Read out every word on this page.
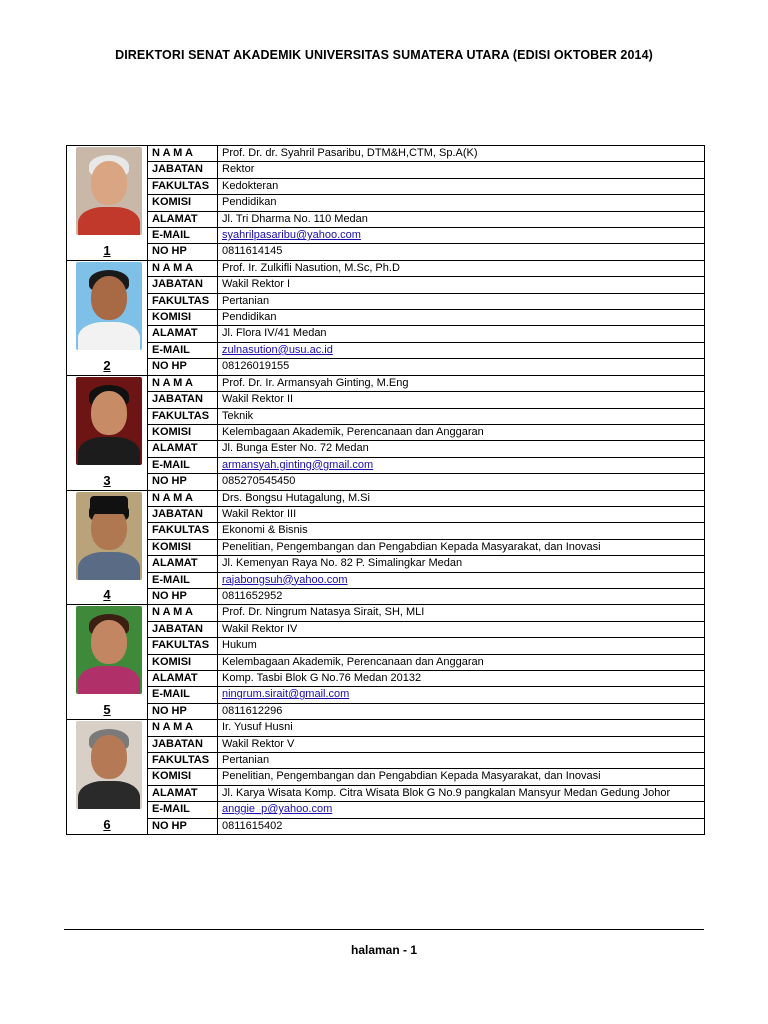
DIREKTORI SENAT AKADEMIK UNIVERSITAS SUMATERA UTARA (EDISI OKTOBER 2014)
1	N A M A	Prof. Dr. dr. Syahril Pasaribu, DTM&H,CTM, Sp.A(K)
	JABATAN	Rektor
	FAKULTAS	Kedokteran
	KOMISI	Pendidikan
	ALAMAT	Jl. Tri Dharma No. 110 Medan
	E-MAIL	syahrilpasaribu@yahoo.com
	NO HP	0811614145

2	N A M A	Prof. Ir. Zulkifli Nasution, M.Sc, Ph.D
	JABATAN	Wakil Rektor I
	FAKULTAS	Pertanian
	KOMISI	Pendidikan
	ALAMAT	Jl. Flora IV/41 Medan
	E-MAIL	zulnasution@usu.ac.id
	NO HP	08126019155

3	N A M A	Prof. Dr. Ir. Armansyah Ginting, M.Eng
	JABATAN	Wakil Rektor II
	FAKULTAS	Teknik
	KOMISI	Kelembagaan Akademik, Perencanaan dan Anggaran
	ALAMAT	Jl. Bunga Ester No. 72 Medan
	E-MAIL	armansyah.ginting@gmail.com
	NO HP	085270545450

4	N A M A	Drs. Bongsu Hutagalung, M.Si
	JABATAN	Wakil Rektor III
	FAKULTAS	Ekonomi & Bisnis
	KOMISI	Penelitian, Pengembangan dan Pengabdian Kepada Masyarakat, dan Inovasi
	ALAMAT	Jl. Kemenyan Raya No. 82 P. Simalingkar Medan
	E-MAIL	rajabongsuh@yahoo.com
	NO HP	0811652952

5	N A M A	Prof. Dr. Ningrum Natasya Sirait, SH, MLI
	JABATAN	Wakil Rektor IV
	FAKULTAS	Hukum
	KOMISI	Kelembagaan Akademik, Perencanaan dan Anggaran
	ALAMAT	Komp. Tasbi Blok G No.76 Medan 20132
	E-MAIL	ningrum.sirait@gmail.com
	NO HP	0811612296

6	N A M A	Ir. Yusuf Husni
	JABATAN	Wakil Rektor V
	FAKULTAS	Pertanian
	KOMISI	Penelitian, Pengembangan dan Pengabdian Kepada Masyarakat, dan Inovasi
	ALAMAT	Jl. Karya Wisata Komp. Citra Wisata Blok G No.9 pangkalan Mansyur Medan Gedung Johor
	E-MAIL	anggie_p@yahoo.com
	NO HP	0811615402
halaman - 1
